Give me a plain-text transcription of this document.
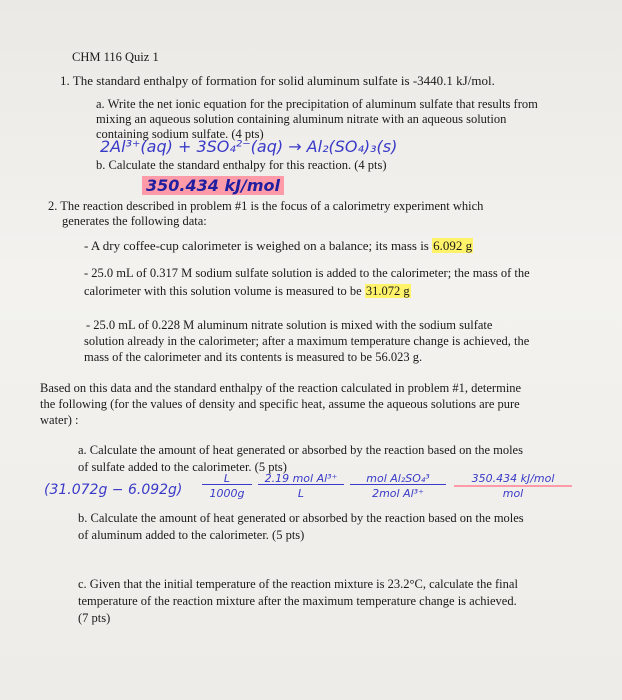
CHM 116 Quiz 1
1. The standard enthalpy of formation for solid aluminum sulfate is -3440.1 kJ/mol.
a. Write the net ionic equation for the precipitation of aluminum sulfate that results from
mixing an aqueous solution containing aluminum nitrate with an aqueous solution
containing sodium sulfate. (4 pts)
2Al³⁺(aq) + 3SO₄²⁻(aq) → Al₂(SO₄)₃(s)
b. Calculate the standard enthalpy for this reaction. (4 pts)
350.434 kJ/mol
2. The reaction described in problem #1 is the focus of a calorimetry experiment which
generates the following data:
- A dry coffee-cup calorimeter is weighed on a balance; its mass is 6.092 g
- 25.0 mL of 0.317 M sodium sulfate solution is added to the calorimeter; the mass of the
calorimeter with this solution volume is measured to be 31.072 g
- 25.0 mL of 0.228 M aluminum nitrate solution is mixed with the sodium sulfate
solution already in the calorimeter; after a maximum temperature change is achieved, the
mass of the calorimeter and its contents is measured to be 56.023 g.
Based on this data and the standard enthalpy of the reaction calculated in problem #1, determine
the following (for the values of density and specific heat, assume the aqueous solutions are pure
water) :
a. Calculate the amount of heat generated or absorbed by the reaction based on the moles
of sulfate added to the calorimeter. (5 pts)
(31.072g − 6.092g)
L
1000g
2.19 mol Al³⁺
L
mol Al₂SO₄³
2mol Al³⁺
350.434 kJ/mol
mol
b. Calculate the amount of heat generated or absorbed by the reaction based on the moles
of aluminum added to the calorimeter. (5 pts)
c. Given that the initial temperature of the reaction mixture is 23.2°C, calculate the final
temperature of the reaction mixture after the maximum temperature change is achieved.
(7 pts)
